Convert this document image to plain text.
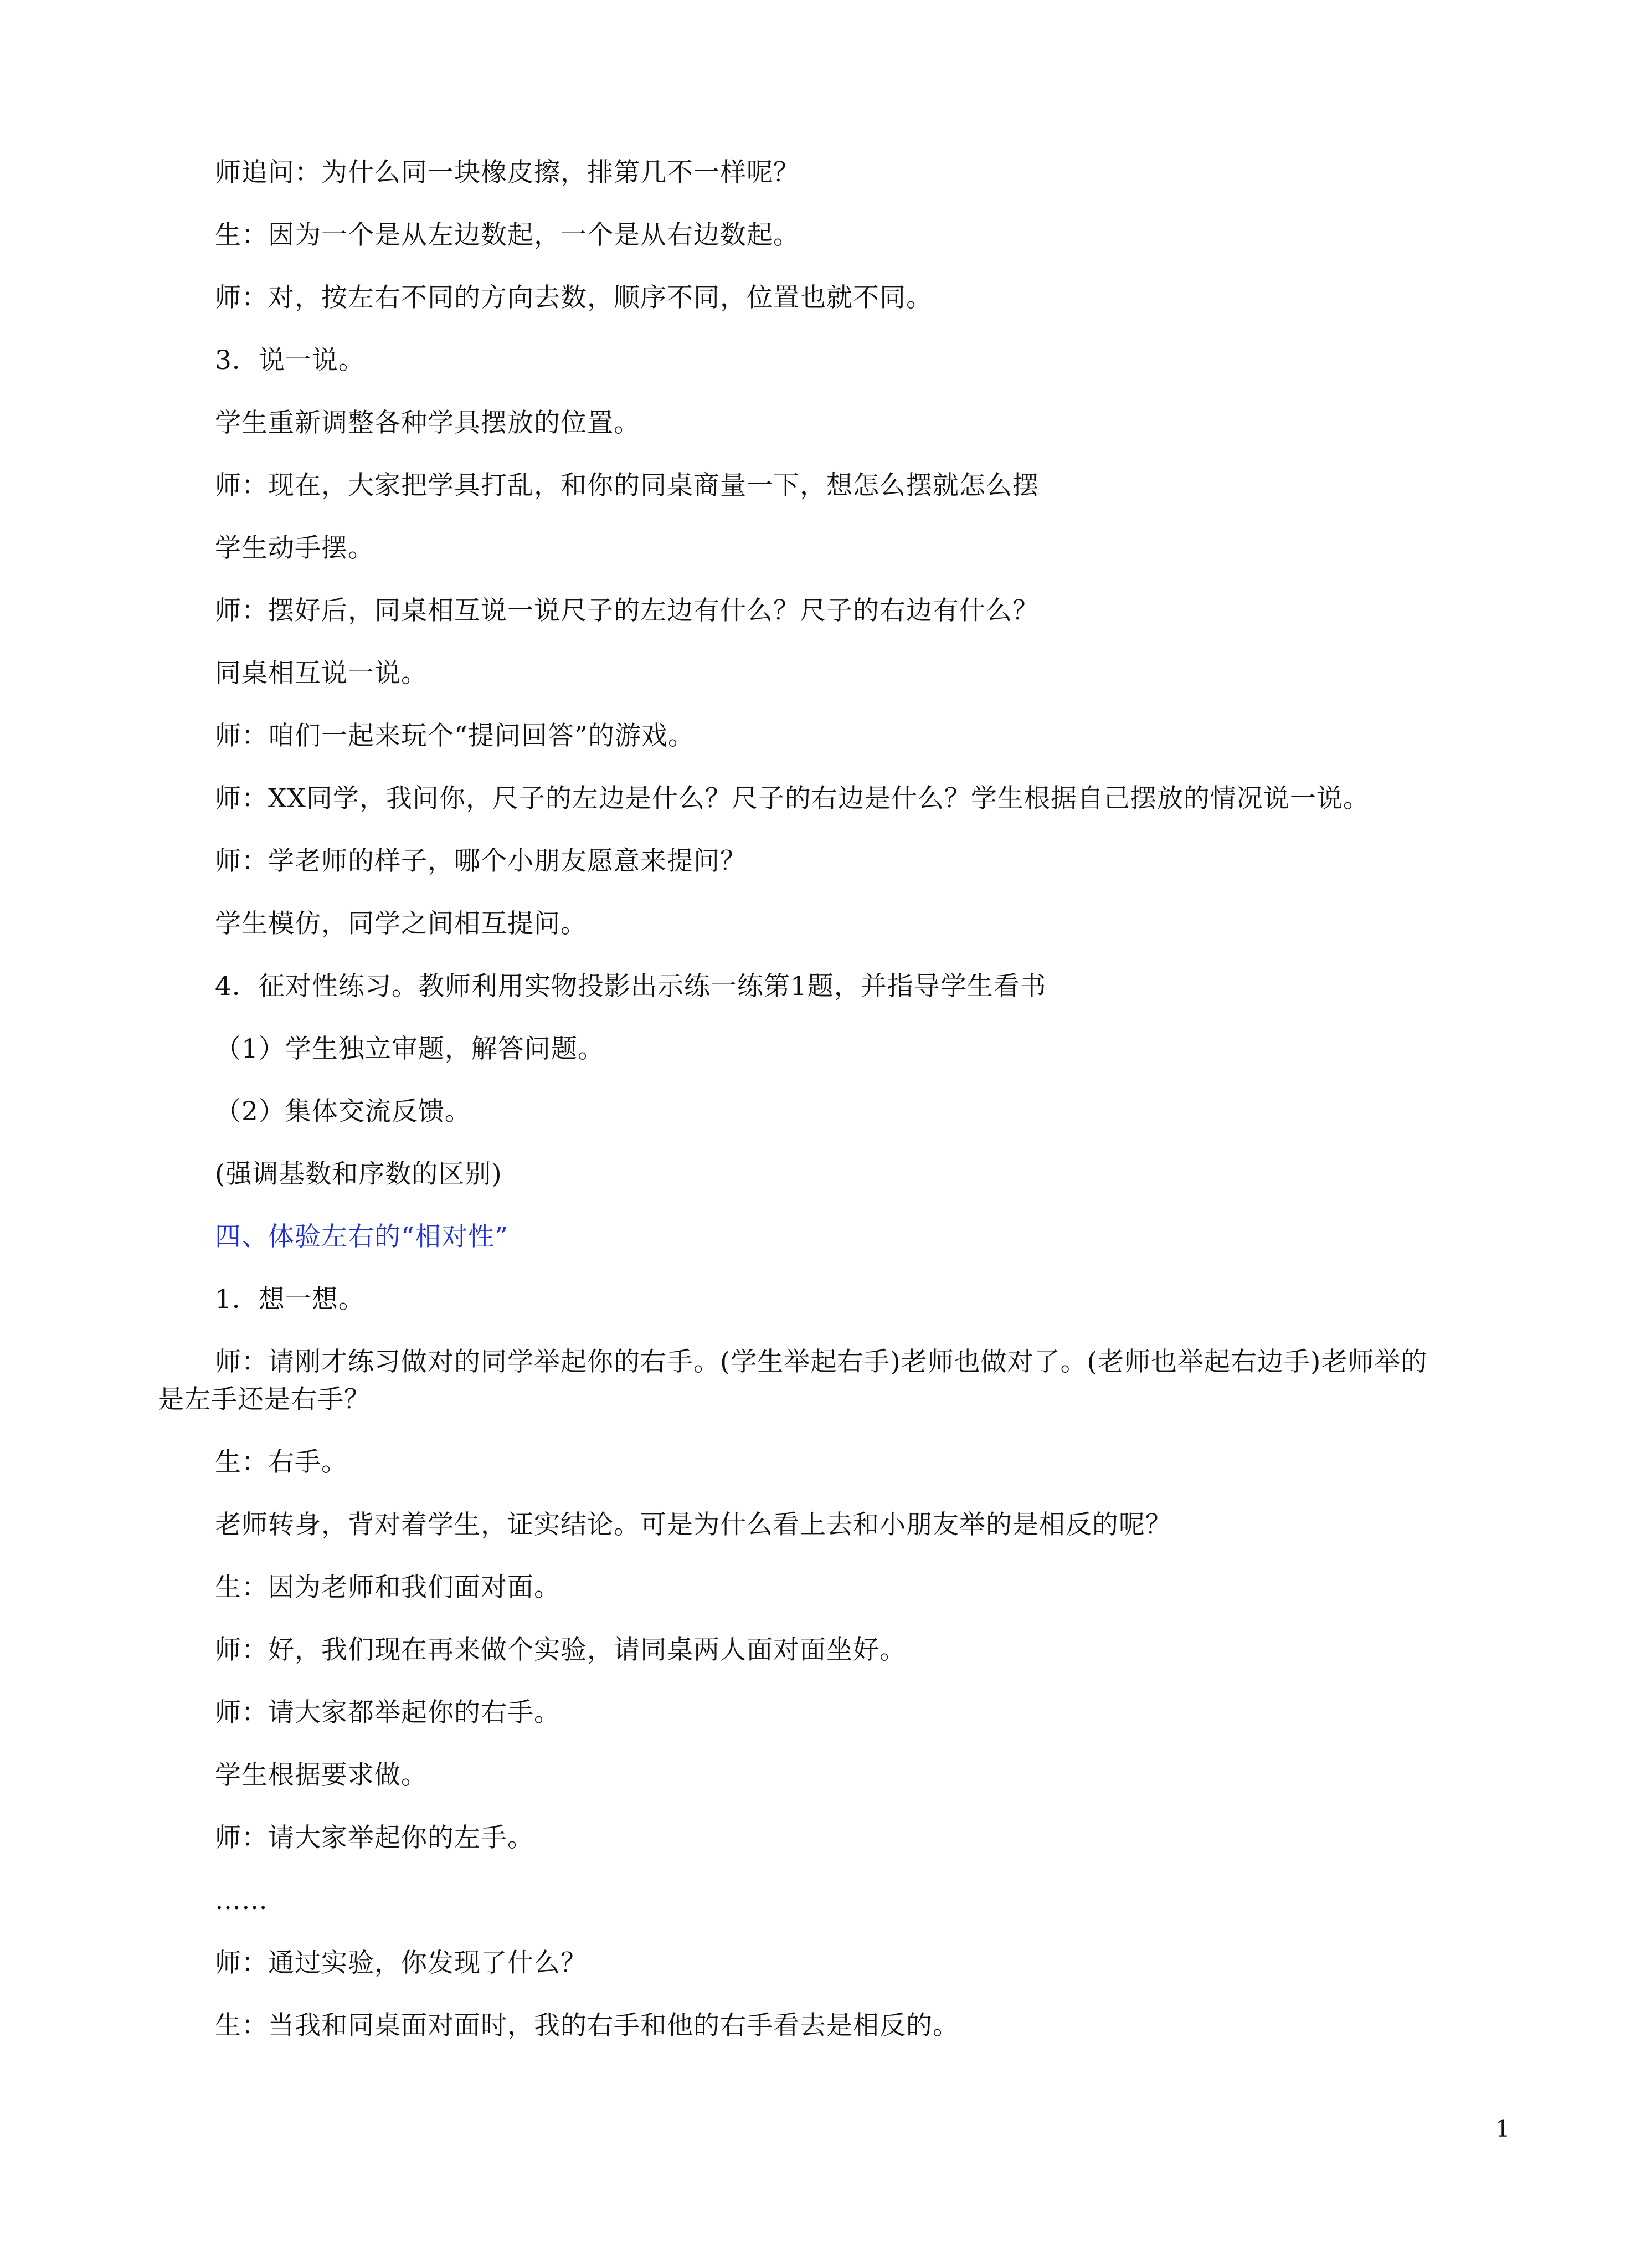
师追问：为什么同一块橡皮擦，排第几不一样呢？
生：因为一个是从左边数起，一个是从右边数起。
师：对，按左右不同的方向去数，顺序不同，位置也就不同。
3．说一说。
学生重新调整各种学具摆放的位置。
师：现在，大家把学具打乱，和你的同桌商量一下，想怎么摆就怎么摆
学生动手摆。
师：摆好后，同桌相互说一说尺子的左边有什么？尺子的右边有什么？
同桌相互说一说。
师：咱们一起来玩个“提问回答”的游戏。
师：XX同学，我问你，尺子的左边是什么？尺子的右边是什么？学生根据自己摆放的情况说一说。
师：学老师的样子，哪个小朋友愿意来提问？
学生模仿，同学之间相互提问。
4．征对性练习。教师利用实物投影出示练一练第1题，并指导学生看书
（1）学生独立审题，解答问题。
（2）集体交流反馈。
(强调基数和序数的区别)
四、体验左右的“相对性”
1．想一想。
师：请刚才练习做对的同学举起你的右手。(学生举起右手)老师也做对了。(老师也举起右边手)老师举的
是左手还是右手？
生：右手。
老师转身，背对着学生，证实结论。可是为什么看上去和小朋友举的是相反的呢？
生：因为老师和我们面对面。
师：好，我们现在再来做个实验，请同桌两人面对面坐好。
师：请大家都举起你的右手。
学生根据要求做。
师：请大家举起你的左手。
……
师：通过实验，你发现了什么？
生：当我和同桌面对面时，我的右手和他的右手看去是相反的。
1
